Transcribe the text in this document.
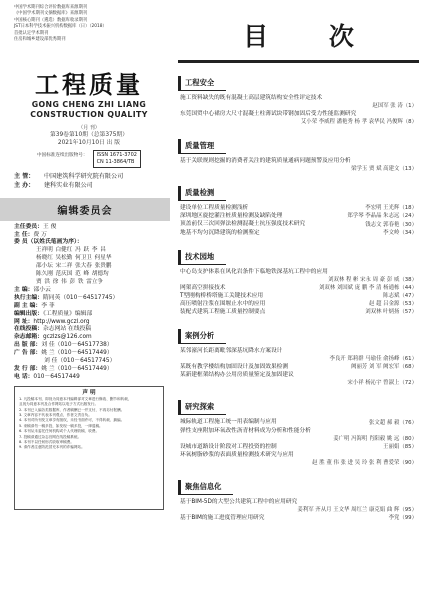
中国学术期刊综合评价数据库来源期刊
《中国学术期刊文摘数据库》来源期刊
中国核心期刊（遴选）数据库收录期刊
JST日本科学技术振兴机构数据库（日）（2018）
首批认定学术期刊
住房和城乡建设部优秀期刊
工程质量
GONG CHENG ZHI LIANG
CONSTRUCTION QUALITY
（月 刊）
第39卷第10期（总第375期）
2021年10月10日 出 版
中国标准连续出版物号： ISSN 1671-3702
CN 11-3864/TB
主 管： 中国建筑科学研究院有限公司
主 办： 建科实业有限公司
编辑委员会
主任委员：王 俊
主 任：费 万
委 员（以姓氏笔画为序）：
王祥明 白健红 冯 跃 李 昌
杨晓红 吴松勤 何卫卫 何星华
邵小坛 宋二祥 张大春 张贵鹏
陈久刚 范庆国 范 峰 胡德均
贾 洪 徐 伟 彭 铁 雷立争
主 编：邵小云
执行主编：隋同英（010－64517745）
副 主 编：李 菲
编辑出版：《工程质量》编辑部
网 址：http://www.gczl.org
在线投稿：杂志网站 在线投稿
杂志邮箱：gczlzs@126.com
出 版 部：刘 佳（010－64517738）
广 告 部：姚 兰（010－64517449）
刘 佳（010－64517745）
发 行 部：姚 兰（010－64517449）
电 话：010－64517449
声 明
1. 凡投稿本刊，即视为同意本刊编辑部对文章进行修改、删节和转载，
且视为同意本刊及合作网站以电子方式出版发行。
2. 本刊已入编各类数据库，作者稿酬已一并支付，不再另付报酬。
3. 文章内容不代表本刊观点，作者文责自负。
4. 本刊对所刊发文章享有版权，未经书面许可，不得转载、摘编。
5. 来稿请勿一稿多投，如发现一稿多投，一律退稿。
6. 本刊从未委托任何机构或个人代理收稿、收费。
7. 投稿请通过杂志官网在线投稿系统。
8. 本刊不以任何形式收取审稿费。
9. 请作者注意防范冒充本刊的诈骗网站。
目 次
工程安全
施工资料缺失的既有混凝土高层建筑结构安全性评定技术
赵国军 张 涛（1）
东莞国贸中心裙房大尺寸混凝土柱薄试块带钢加固后受力性能监测研究
艾小荣 李威程 潘艳秀 杨 孝 袁华民 冯俊辉（8）
质量管理
基于关联规则挖掘的消费者关注的建筑质量通病问题预警及应用分析
梁学玉 贾 斌 高建文（13）
质量检测
建设单位工程质量检测浅析	李宏明 王光辉（18）
深圳地区旋挖灌注桩质量检测及缺陷处理	郑学琴 李晶晶 朱志远（24）
顶盖前仅三次回弹法检测混凝土抗压强度技术研究	钱志文 郭春艳（30）
地基不均匀沉降建筑的检测鉴定	李文岭（34）
技术园地
中心岛支护体系在风化岩条件下临地铁深基坑工程中的应用
刘双林 程 彬 宋永 周 豪 彭 威（38）
网架高空拼接技术	刘双林 刘国斌 庞 鹏 李 清 杨通栋（44）
T型刚构桥桥塔施工关键技术应用	陈志斌（47）
高压喷射注浆在围堰止水中的应用	赵 超 吕金源（53）
装配式建筑工程施工质量控制要点	刘双林 叶炳扬（57）
案例分析
某邻濠河长距离毗邻深基坑降水方案设计
李良开 郑莉群 马瑜佳 俞扬峰（61）
某既有教学楼结构加固设计及加固效果检测	阙丽芳 刘 军 阙宏军（68）
某新建框架结构办公用房质量鉴定及加固建议
宋小祥 杨沁宇 曾淑上（72）
研究探索
城际轨道工程施工统一用表编制与应用	张文超 郝 毅（76）
弹性支座附加环氧改性沥青材料成为分析和性能分析
姜广明 冯海明 肖阳毅 姚 远（80）
设城市道路设计阶段对工程投资的控制	王丽娟（85）
环氧树脂砂浆的表面质量检测技术研究与应用
赵 胜 董 伟 张 进 吴 玲 张 利 曹爱荣（90）
聚焦信息化
基于BIM-5D的大型公共建筑工程中的应用研究
姜利军 齐从月 王文华 周红兰 康克娟 曲 辉（95）
基于BIM的施工进度管理应用研究	李党（99）
